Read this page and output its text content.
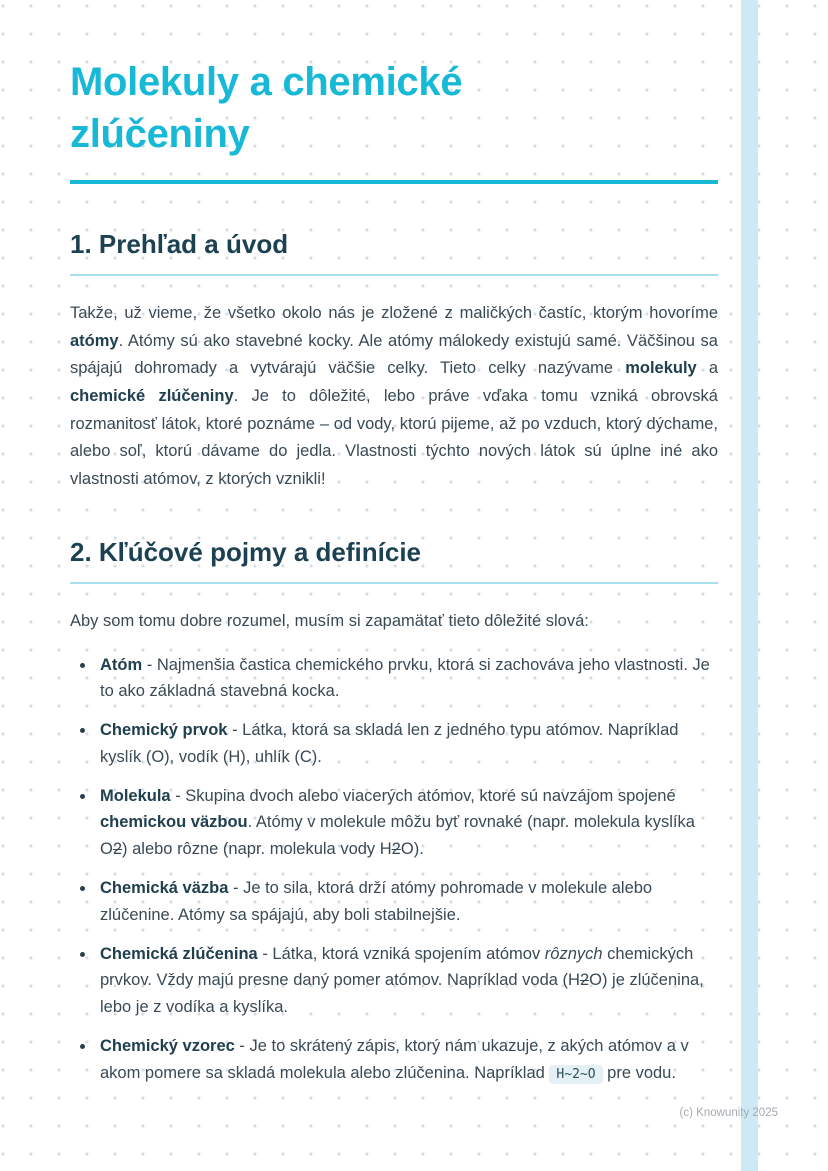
Molekuly a chemické
zlúčeniny
1. Prehľad a úvod

Takže, už vieme, že všetko okolo nás je zložené z maličkých častíc, ktorým hovoríme atómy. Atómy sú ako stavebné kocky. Ale atómy málokedy existujú samé. Väčšinou sa spájajú dohromady a vytvárajú väčšie celky. Tieto celky nazývame molekuly a chemické zlúčeniny. Je to dôležité, lebo práve vďaka tomu vzniká obrovská rozmanitosť látok, ktoré poznáme – od vody, ktorú pijeme, až po vzduch, ktorý dýchame, alebo soľ, ktorú dávame do jedla. Vlastnosti týchto nových látok sú úplne iné ako vlastnosti atómov, z ktorých vznikli!

2. Kľúčové pojmy a definície

Aby som tomu dobre rozumel, musím si zapamätať tieto dôležité slová:

• Atóm - Najmenšia častica chemického prvku, ktorá si zachováva jeho vlastnosti. Je to ako základná stavebná kocka.
• Chemický prvok - Látka, ktorá sa skladá len z jedného typu atómov. Napríklad kyslík (O), vodík (H), uhlík (C).
• Molekula - Skupina dvoch alebo viacerých atómov, ktoré sú navzájom spojené chemickou väzbou. Atómy v molekule môžu byť rovnaké (napr. molekula kyslíka O2) alebo rôzne (napr. molekula vody H2O).
• Chemická väzba - Je to sila, ktorá drží atómy pohromade v molekule alebo zlúčenine. Atómy sa spájajú, aby boli stabilnejšie.
• Chemická zlúčenina - Látka, ktorá vzniká spojením atómov rôznych chemických prvkov. Vždy majú presne daný pomer atómov. Napríklad voda (H2O) je zlúčenina, lebo je z vodíka a kyslíka.
• Chemický vzorec - Je to skrátený zápis, ktorý nám ukazuje, z akých atómov a v akom pomere sa skladá molekula alebo zlúčenina. Napríklad H~2~O pre vodu.
(c) Knowunity 2025
